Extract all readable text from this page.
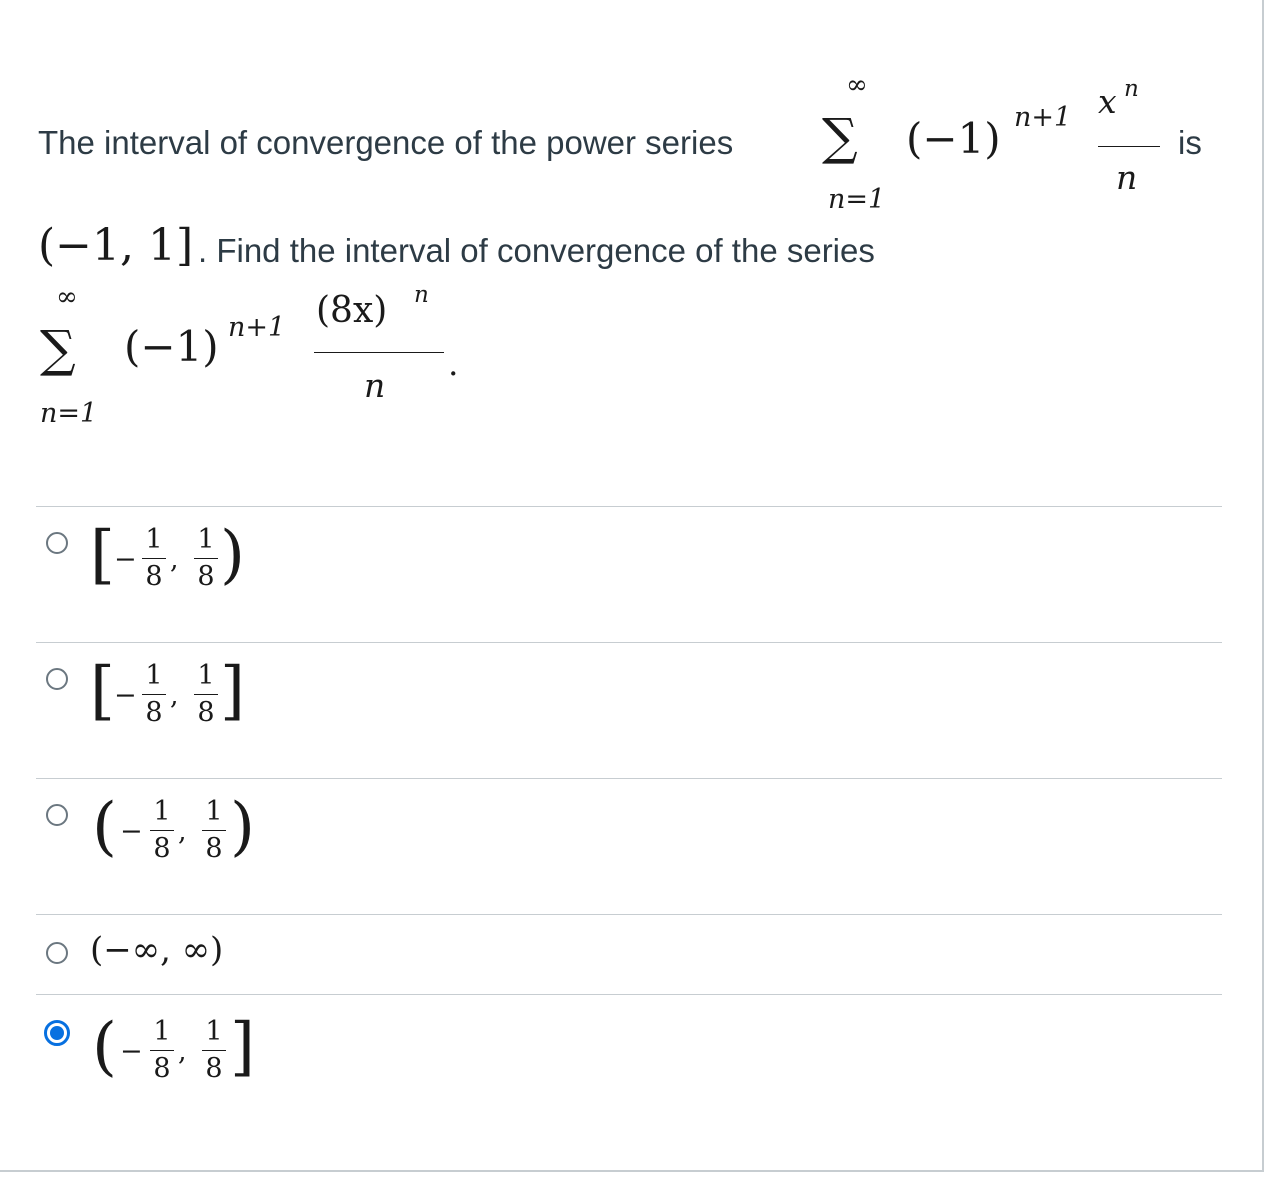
The interval of convergence of the power series
∞
∑
n=1
(−1) n+1 x n
n
is
(−1, 1] . Find the interval of convergence of the series
∞
∑
n=1
(−1) n+1 (8x) n
n
.
[ −
1
8
,
1
8 )
[ −
1
8
,
1
8 ]
( −
1
8
,
1
8 )
(−∞, ∞)
( −
1
8
,
1
8 ]
